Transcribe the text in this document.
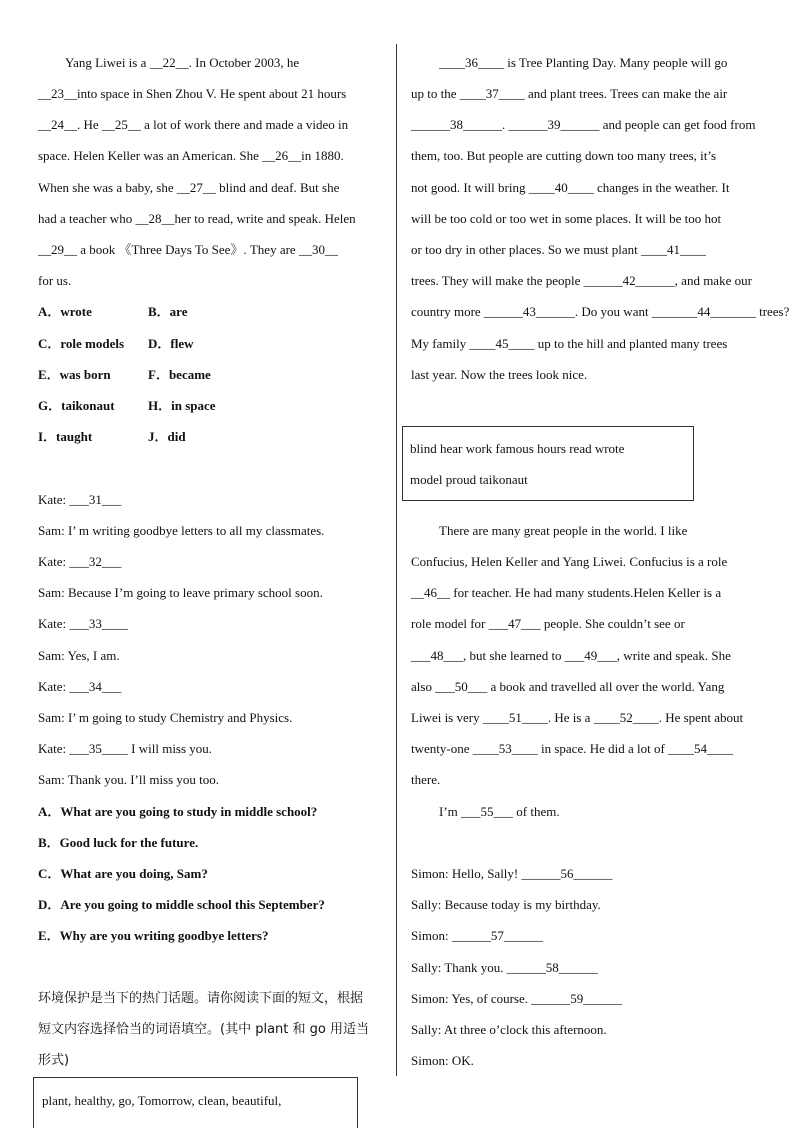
Yang Liwei is a __22__. In October 2003, he
__23__into space in Shen Zhou V. He spent about 21 hours
__24__. He __25__ a lot of work there and made a video in
space. Helen Keller was an American. She __26__in 1880.
When she was a baby, she __27__ blind and deaf. But she
had a teacher who __28__her to read, write and speak. Helen
__29__ a book 《Three Days To See》. They are __30__
for us.
A．wrote	B．are
C．role models D．flew
E．was born	F．became
G．taikonaut	H．in space
I．taught	J．did
Kate: ___31___
Sam: I’ m writing goodbye letters to all my classmates.
Kate: ___32___
Sam: Because I’m going to leave primary school soon.
Kate: ___33____
Sam: Yes, I am.
Kate: ___34___
Sam: I’ m going to study Chemistry and Physics.
Kate: ___35____ I will miss you.
Sam: Thank you. I’ll miss you too.
A．What are you going to study in middle school?
B．Good luck for the future.
C．What are you doing, Sam?
D．Are you going to middle school this September?
E．Why are you writing goodbye letters?
环境保护是当下的热门话题。请你阅读下面的短文，根据
短文内容选择恰当的词语填空。(其中 plant 和 go 用适当
形式)
plant, healthy, go, Tomorrow, clean, beautiful,
____36____ is Tree Planting Day. Many people will go
up to the ____37____ and plant trees. Trees can make the air
______38______. ______39______ and people can get food from
them, too. But people are cutting down too many trees, it’s
not good. It will bring ____40____ changes in the weather. It
will be too cold or too wet in some places. It will be too hot
or too dry in other places. So we must plant ____41____
trees. They will make the people ______42______, and make our
country more ______43______. Do you want _______44_______ trees?
My family ____45____ up to the hill and planted many trees
last year. Now the trees look nice.
blind hear work famous hours read wrote
model proud taikonaut
There are many great people in the world. I like
Confucius, Helen Keller and Yang Liwei. Confucius is a role
__46__ for teacher. He had many students.Helen Keller is a
role model for ___47___ people. She couldn’t see or
___48___, but she learned to ___49___, write and speak. She
also ___50___ a book and travelled all over the world. Yang
Liwei is very ____51____. He is a ____52____. He spent about
twenty-one ____53____ in space. He did a lot of ____54____
there.
I’m ___55___ of them.
Simon: Hello, Sally! ______56______
Sally: Because today is my birthday.
Simon: ______57______
Sally: Thank you. ______58______
Simon: Yes, of course. ______59______
Sally: At three o’clock this afternoon.
Simon: OK.
